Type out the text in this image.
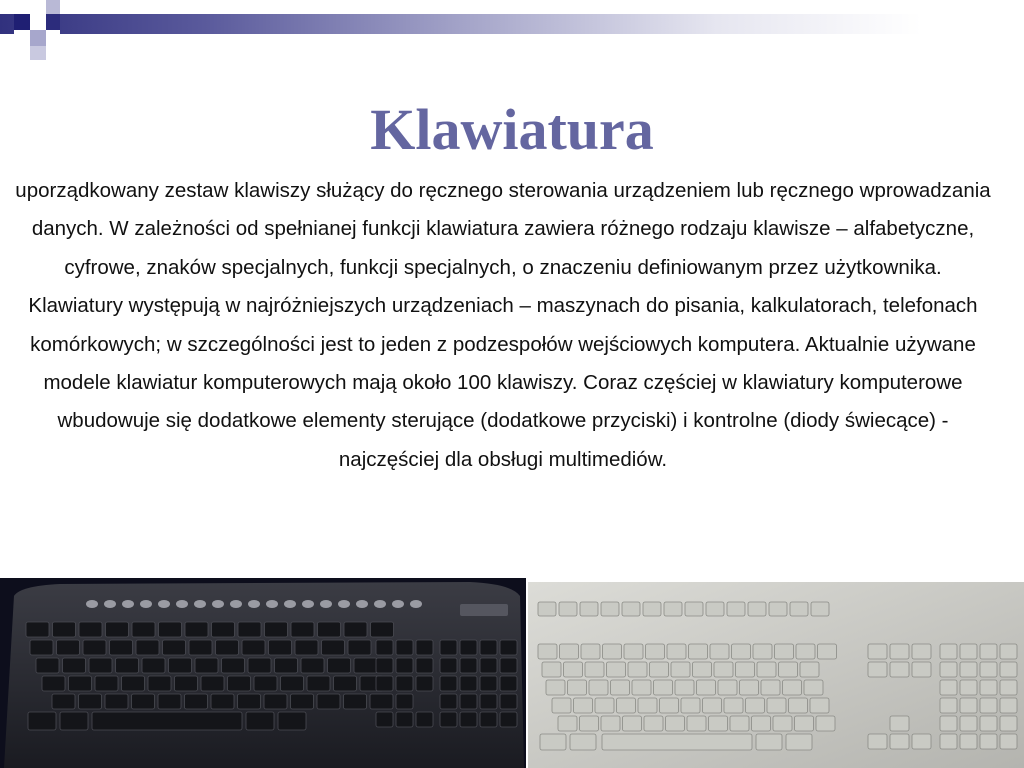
Klawiatura

uporządkowany zestaw klawiszy służący do ręcznego sterowania urządzeniem lub ręcznego wprowadzania danych. W zależności od spełnianej funkcji klawiatura zawiera różnego rodzaju klawisze – alfabetyczne, cyfrowe, znaków specjalnych, funkcji specjalnych, o znaczeniu definiowanym przez użytkownika.

Klawiatury występują w najróżniejszych urządzeniach – maszynach do pisania, kalkulatorach, telefonach komórkowych; w szczególności jest to jeden z podzespołów wejściowych komputera. Aktualnie używane modele klawiatur komputerowych mają około 100 klawiszy. Coraz częściej w klawiatury komputerowe wbudowuje się dodatkowe elementy sterujące (dodatkowe przyciski) i kontrolne (diody świecące) - najczęściej dla obsługi multimediów.
